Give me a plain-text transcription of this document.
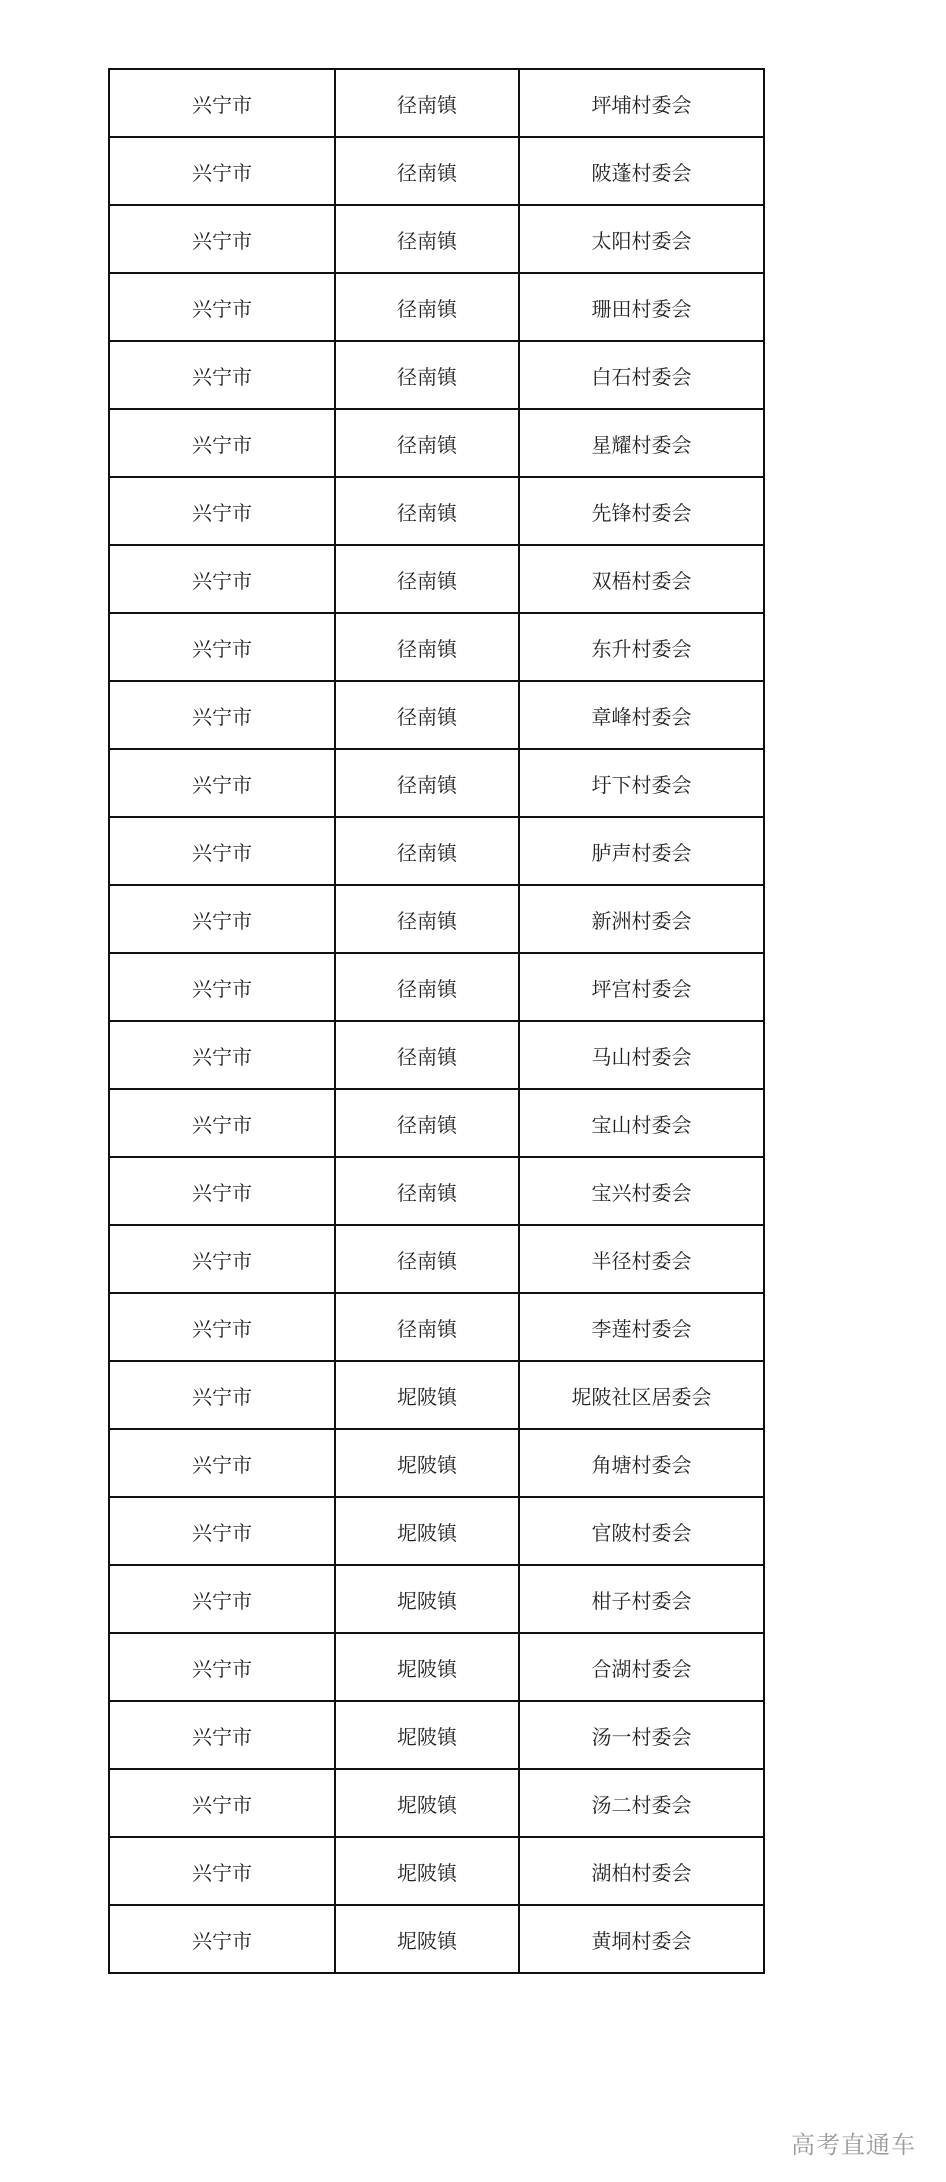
兴宁市	径南镇	坪埔村委会
兴宁市	径南镇	陂蓬村委会
兴宁市	径南镇	太阳村委会
兴宁市	径南镇	珊田村委会
兴宁市	径南镇	白石村委会
兴宁市	径南镇	星耀村委会
兴宁市	径南镇	先锋村委会
兴宁市	径南镇	双梧村委会
兴宁市	径南镇	东升村委会
兴宁市	径南镇	章峰村委会
兴宁市	径南镇	圩下村委会
兴宁市	径南镇	胪声村委会
兴宁市	径南镇	新洲村委会
兴宁市	径南镇	坪宫村委会
兴宁市	径南镇	马山村委会
兴宁市	径南镇	宝山村委会
兴宁市	径南镇	宝兴村委会
兴宁市	径南镇	半径村委会
兴宁市	径南镇	李莲村委会
兴宁市	坭陂镇	坭陂社区居委会
兴宁市	坭陂镇	角塘村委会
兴宁市	坭陂镇	官陂村委会
兴宁市	坭陂镇	柑子村委会
兴宁市	坭陂镇	合湖村委会
兴宁市	坭陂镇	汤一村委会
兴宁市	坭陂镇	汤二村委会
兴宁市	坭陂镇	湖柏村委会
兴宁市	坭陂镇	黄垌村委会
高考直通车
